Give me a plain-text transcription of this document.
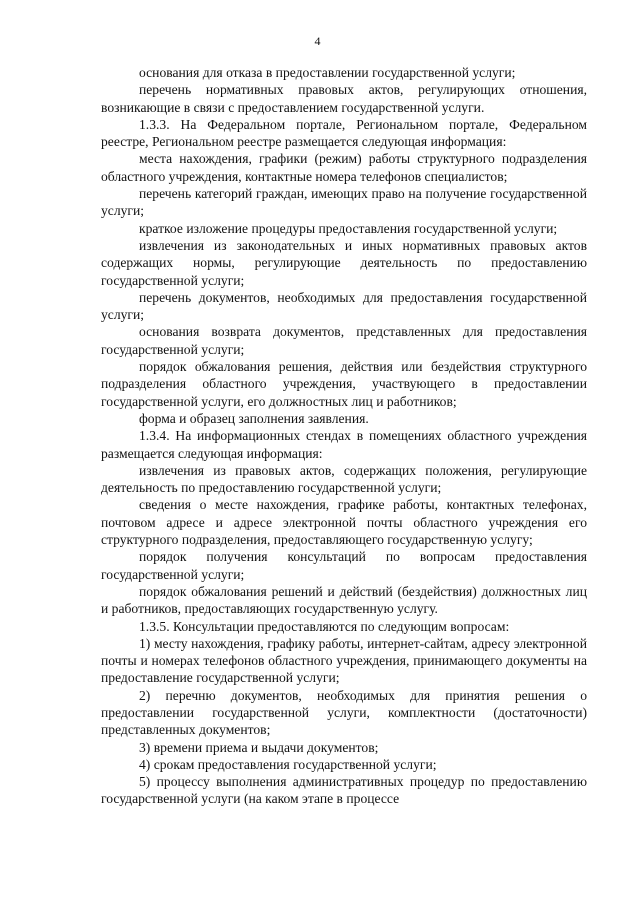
4

основания для отказа в предоставлении государственной услуги;

перечень нормативных правовых актов, регулирующих отношения, возникающие в связи с предоставлением государственной услуги.

1.3.3. На Федеральном портале, Региональном портале, Федеральном реестре, Региональном реестре размещается следующая информация:

места нахождения, графики (режим) работы структурного подразделения областного учреждения, контактные номера телефонов специалистов;

перечень категорий граждан, имеющих право на получение государственной услуги;

краткое изложение процедуры предоставления государственной услуги;

извлечения из законодательных и иных нормативных правовых актов содержащих нормы, регулирующие деятельность по предоставлению государственной услуги;

перечень документов, необходимых для предоставления государственной услуги;

основания возврата документов, представленных для предоставления государственной услуги;

порядок обжалования решения, действия или бездействия структурного подразделения областного учреждения, участвующего в предоставлении государственной услуги, его должностных лиц и работников;

форма и образец заполнения заявления.

1.3.4. На информационных стендах в помещениях областного учреждения размещается следующая информация:

извлечения из правовых актов, содержащих положения, регулирующие деятельность по предоставлению государственной услуги;

сведения о месте нахождения, графике работы, контактных телефонах, почтовом адресе и адресе электронной почты областного учреждения его структурного подразделения, предоставляющего государственную услугу;

порядок получения консультаций по вопросам предоставления государственной услуги;

порядок обжалования решений и действий (бездействия) должностных лиц и работников, предоставляющих государственную услугу.

1.3.5. Консультации предоставляются по следующим вопросам:

1) месту нахождения, графику работы, интернет-сайтам, адресу электронной почты и номерах телефонов областного учреждения, принимающего документы на предоставление государственной услуги;

2) перечню документов, необходимых для принятия решения о предоставлении государственной услуги, комплектности (достаточности) представленных документов;

3) времени приема и выдачи документов;

4) срокам предоставления государственной услуги;

5) процессу выполнения административных процедур по предоставлению государственной услуги (на каком этапе в процессе
